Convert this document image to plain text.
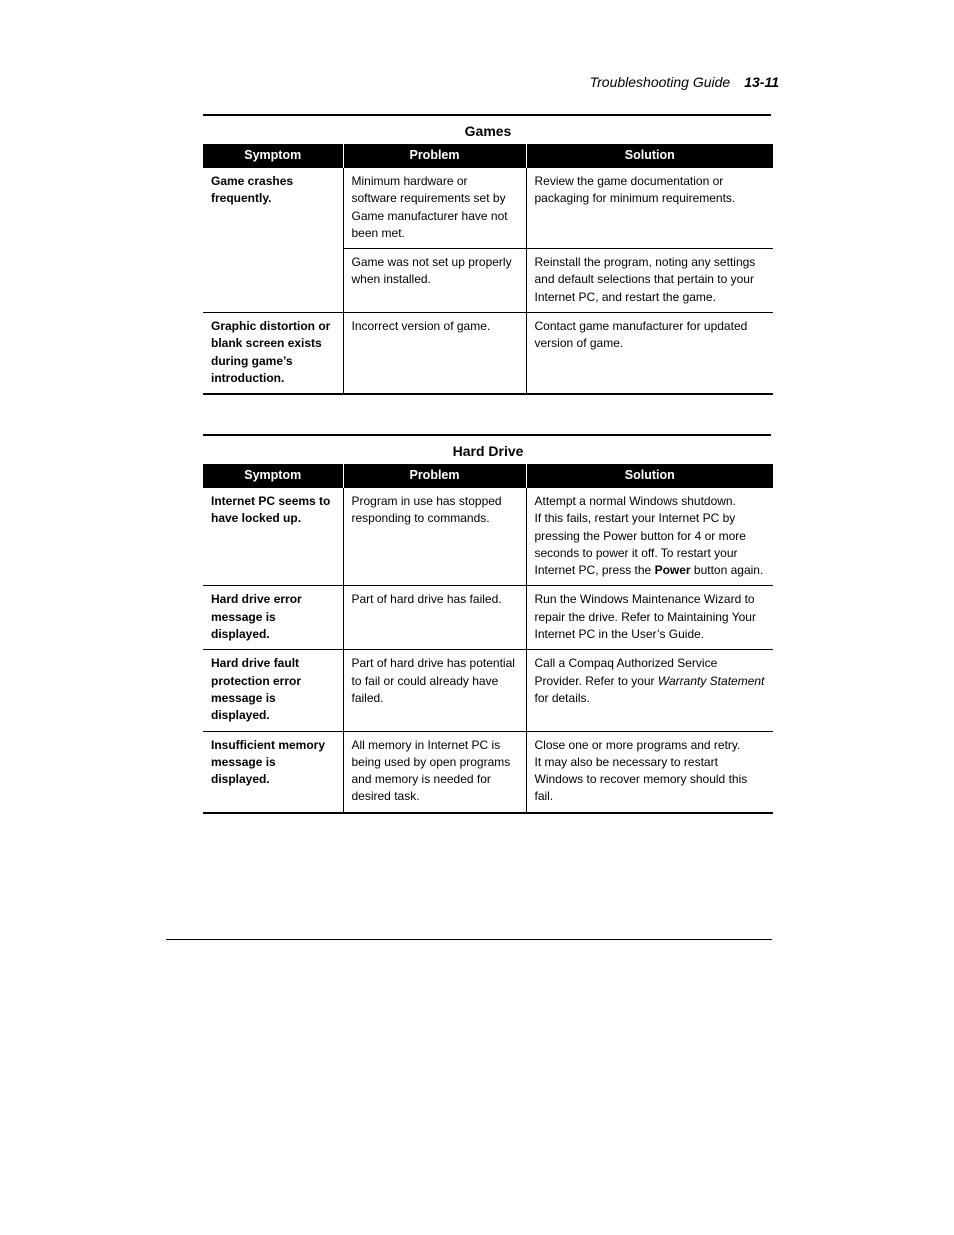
Troubleshooting Guide 13-11
Games
Symptom	Problem	Solution

Game crashes
frequently.	Minimum hardware or
software requirements set by
Game manufacturer have not
been met.	Review the game documentation or
packaging for minimum requirements.

	Game was not set up properly
when installed.	Reinstall the program, noting any settings
and default selections that pertain to your
Internet PC, and restart the game.

Graphic distortion or
blank screen exists
during game’s
introduction.	Incorrect version of game.	Contact game manufacturer for updated
version of game.
Hard Drive
Symptom	Problem	Solution

Internet PC seems to
have locked up.	Program in use has stopped
responding to commands.	Attempt a normal Windows shutdown.
If this fails, restart your Internet PC by
pressing the Power button for 4 or more
seconds to power it off. To restart your
Internet PC, press the Power button again.

Hard drive error
message is
displayed.	Part of hard drive has failed.	Run the Windows Maintenance Wizard to
repair the drive. Refer to Maintaining Your
Internet PC in the User’s Guide.

Hard drive fault
protection error
message is
displayed.	Part of hard drive has potential
to fail or could already have
failed.	Call a Compaq Authorized Service
Provider. Refer to your Warranty Statement
for details.

Insufficient memory
message is
displayed.	All memory in Internet PC is
being used by open programs
and memory is needed for
desired task.	Close one or more programs and retry.
It may also be necessary to restart
Windows to recover memory should this
fail.
